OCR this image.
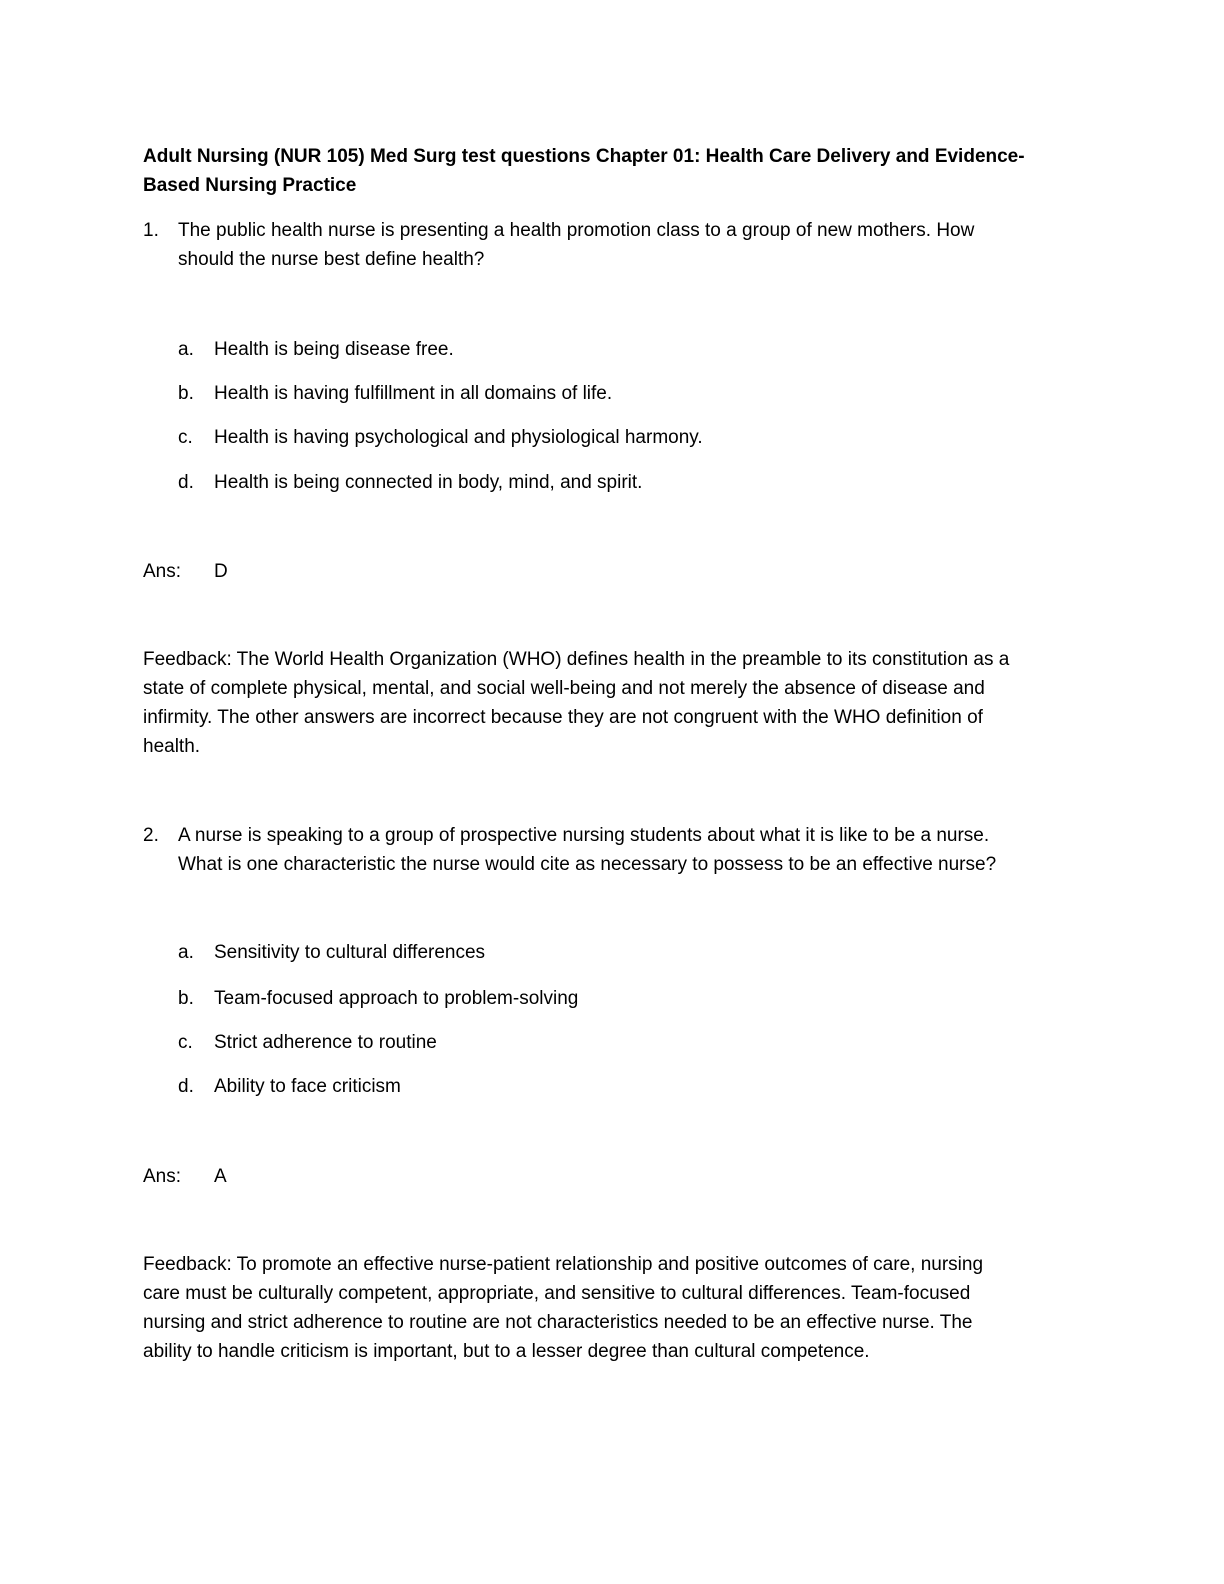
Adult Nursing (NUR 105) Med Surg test questions Chapter 01: Health Care Delivery and Evidence-
Based Nursing Practice
1. The public health nurse is presenting a health promotion class to a group of new mothers. How
should the nurse best define health?
a. Health is being disease free.
b. Health is having fulfillment in all domains of life.
c. Health is having psychological and physiological harmony.
d. Health is being connected in body, mind, and spirit.
Ans: D
Feedback: The World Health Organization (WHO) defines health in the preamble to its constitution as a
state of complete physical, mental, and social well-being and not merely the absence of disease and
infirmity. The other answers are incorrect because they are not congruent with the WHO definition of
health.
2. A nurse is speaking to a group of prospective nursing students about what it is like to be a nurse.
What is one characteristic the nurse would cite as necessary to possess to be an effective nurse?
a. Sensitivity to cultural differences
b. Team-focused approach to problem-solving
c. Strict adherence to routine
d. Ability to face criticism
Ans: A
Feedback: To promote an effective nurse-patient relationship and positive outcomes of care, nursing
care must be culturally competent, appropriate, and sensitive to cultural differences. Team-focused
nursing and strict adherence to routine are not characteristics needed to be an effective nurse. The
ability to handle criticism is important, but to a lesser degree than cultural competence.
